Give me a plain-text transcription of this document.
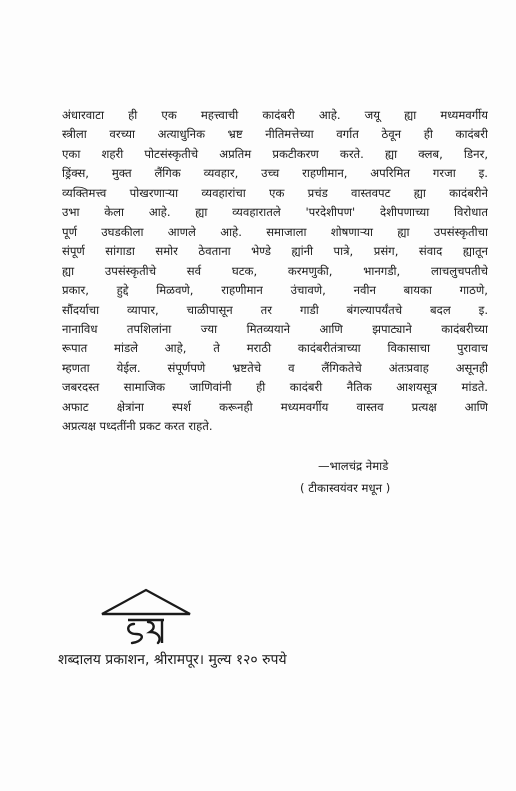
अंधारवाटा ही एक महत्त्वाची कादंबरी आहे. जयू ह्या मध्यमवर्गीय
स्त्रीला वरच्या अत्याधुनिक भ्रष्ट नीतिमत्तेच्या वर्गात ठेवून ही कादंबरी
एका शहरी पोटसंस्कृतीचे अप्रतिम प्रकटीकरण करते. ह्या क्लब, डिनर,
ड्रिंक्स, मुक्त लैंगिक व्यवहार, उच्च राहणीमान, अपरिमित गरजा इ.
व्यक्तिमत्त्व पोखरणाऱ्या व्यवहारांचा एक प्रचंड वास्तवपट ह्या कादंबरीने
उभा केला आहे. ह्या व्यवहारातले 'परदेशीपण' देशीपणाच्या विरोधात
पूर्ण उघडकीला आणले आहे. समाजाला शोषणाऱ्या ह्या उपसंस्कृतीचा
संपूर्ण सांगाडा समोर ठेवताना भेण्डे ह्यांनी पात्रे, प्रसंग, संवाद ह्यातून
ह्या उपसंस्कृतीचे सर्व घटक, करमणुकी, भानगडी, लाचलुचपतीचे
प्रकार, हुद्दे मिळवणे, राहणीमान उंचावणे, नवीन बायका गाठणे,
सौंदर्याचा व्यापार, चाळीपासून तर गाडी बंगल्यापर्यंतचे बदल इ.
नानाविध तपशिलांना ज्या मितव्ययाने आणि झपाट्याने कादंबरीच्या
रूपात मांडले आहे, ते मराठी कादंबरीतंत्राच्या विकासाचा पुरावाच
म्हणता येईल. संपूर्णपणे भ्रष्टतेचे व लैंगिकतेचे अंतःप्रवाह असूनही
जबरदस्त सामाजिक जाणिवांनी ही कादंबरी नैतिक आशयसूत्र मांडते.
अफाट क्षेत्रांना स्पर्श करूनही मध्यमवर्गीय वास्तव प्रत्यक्ष आणि
अप्रत्यक्ष पध्दतींनी प्रकट करत राहते.
—भालचंद्र नेमाडे
( टीकास्वयंवर मधून )
शब्दालय प्रकाशन, श्रीरामपूर। मुल्य १२० रुपये
